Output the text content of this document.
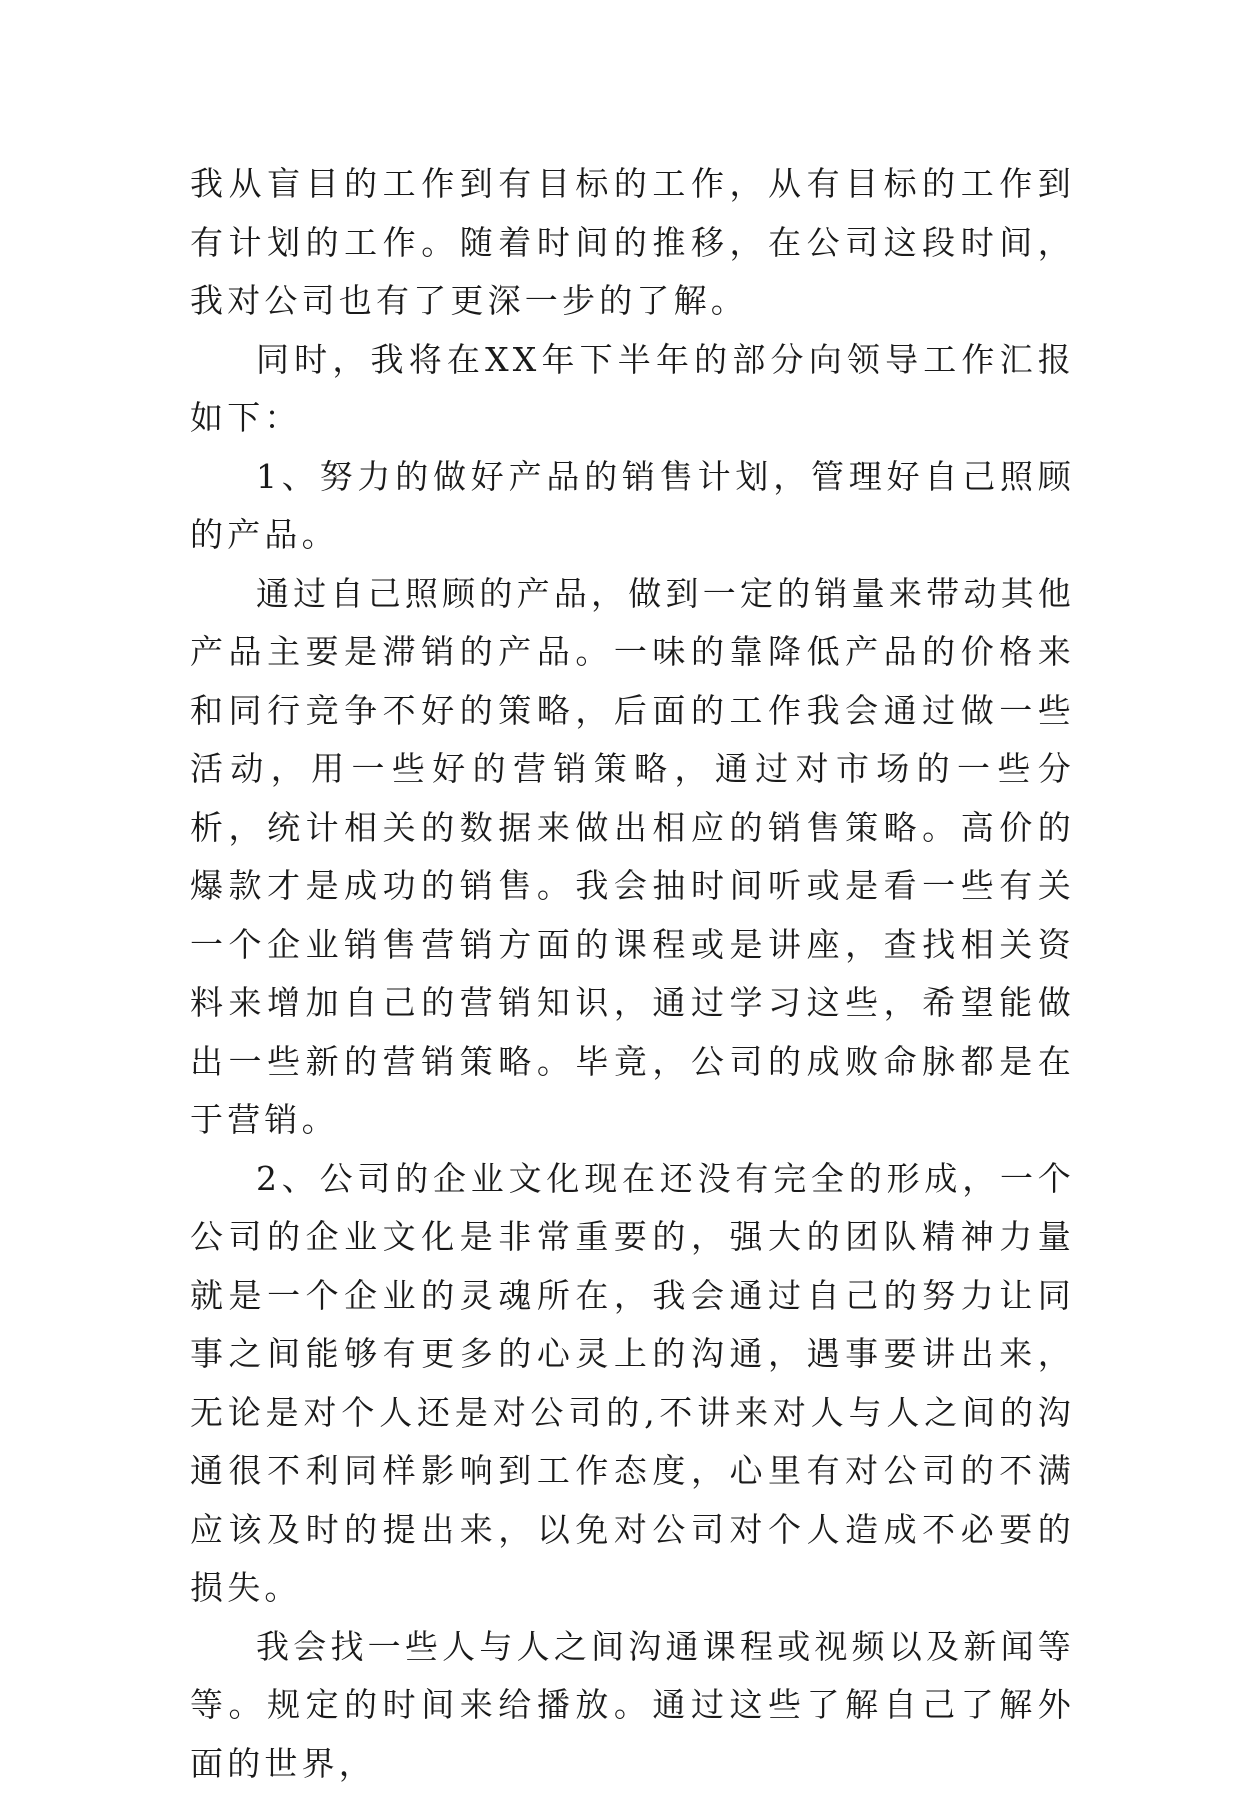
我从盲目的工作到有目标的工作，从有目标的工作到有计划的工作。随着时间的推移，在公司这段时间，我对公司也有了更深一步的了解。

同时，我将在XX年下半年的部分向领导工作汇报如下：

1、努力的做好产品的销售计划，管理好自己照顾的产品。

通过自己照顾的产品，做到一定的销量来带动其他产品主要是滞销的产品。一味的靠降低产品的价格来和同行竞争不好的策略，后面的工作我会通过做一些活动，用一些好的营销策略，通过对市场的一些分析，统计相关的数据来做出相应的销售策略。高价的爆款才是成功的销售。我会抽时间听或是看一些有关一个企业销售营销方面的课程或是讲座，查找相关资料来增加自己的营销知识，通过学习这些，希望能做出一些新的营销策略。毕竟，公司的成败命脉都是在于营销。

2、公司的企业文化现在还没有完全的形成，一个公司的企业文化是非常重要的，强大的团队精神力量就是一个企业的灵魂所在，我会通过自己的努力让同事之间能够有更多的心灵上的沟通，遇事要讲出来，无论是对个人还是对公司的,不讲来对人与人之间的沟通很不利同样影响到工作态度，心里有对公司的不满应该及时的提出来，以免对公司对个人造成不必要的损失。

我会找一些人与人之间沟通课程或视频以及新闻等等。规定的时间来给播放。通过这些了解自己了解外面的世界，
